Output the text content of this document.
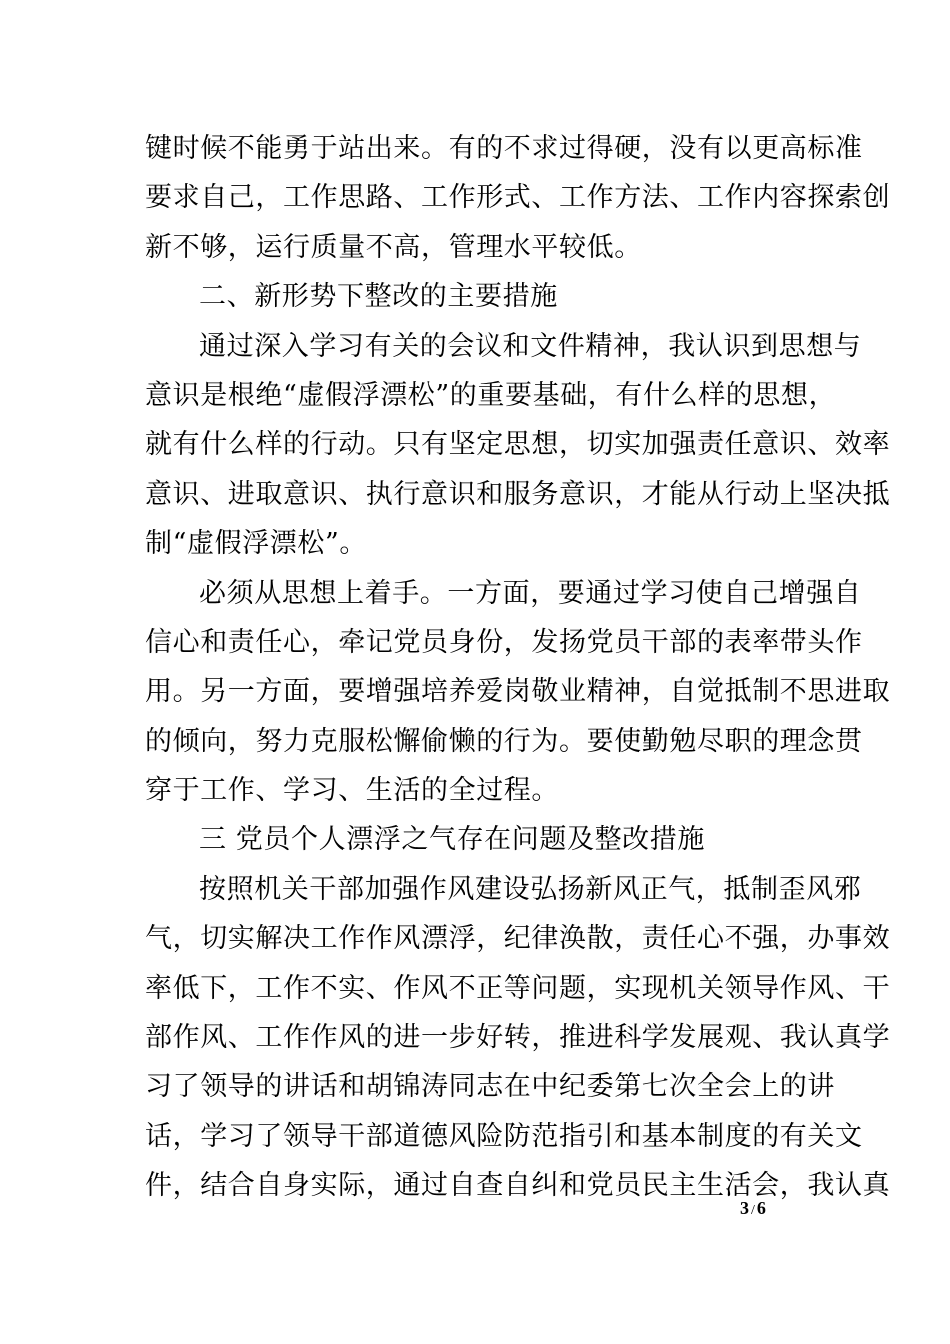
键时候不能勇于站出来。有的不求过得硬，没有以更高标准
要求自己，工作思路、工作形式、工作方法、工作内容探索创
新不够，运行质量不高，管理水平较低。
二、新形势下整改的主要措施
通过深入学习有关的会议和文件精神，我认识到思想与
意识是根绝“虚假浮漂松”的重要基础，有什么样的思想，
就有什么样的行动。只有坚定思想，切实加强责任意识、效率
意识、进取意识、执行意识和服务意识，才能从行动上坚决抵
制“虚假浮漂松”。
必须从思想上着手。一方面，要通过学习使自己增强自
信心和责任心，牵记党员身份，发扬党员干部的表率带头作
用。另一方面，要增强培养爱岗敬业精神，自觉抵制不思进取
的倾向，努力克服松懈偷懒的行为。要使勤勉尽职的理念贯
穿于工作、学习、生活的全过程。
三 党员个人漂浮之气存在问题及整改措施
按照机关干部加强作风建设弘扬新风正气，抵制歪风邪
气，切实解决工作作风漂浮，纪律涣散，责任心不强，办事效
率低下，工作不实、作风不正等问题，实现机关领导作风、干
部作风、工作作风的进一步好转，推进科学发展观、我认真学
习了领导的讲话和胡锦涛同志在中纪委第七次全会上的讲
话，学习了领导干部道德风险防范指引和基本制度的有关文
件，结合自身实际，通过自查自纠和党员民主生活会，我认真
3 / 6
